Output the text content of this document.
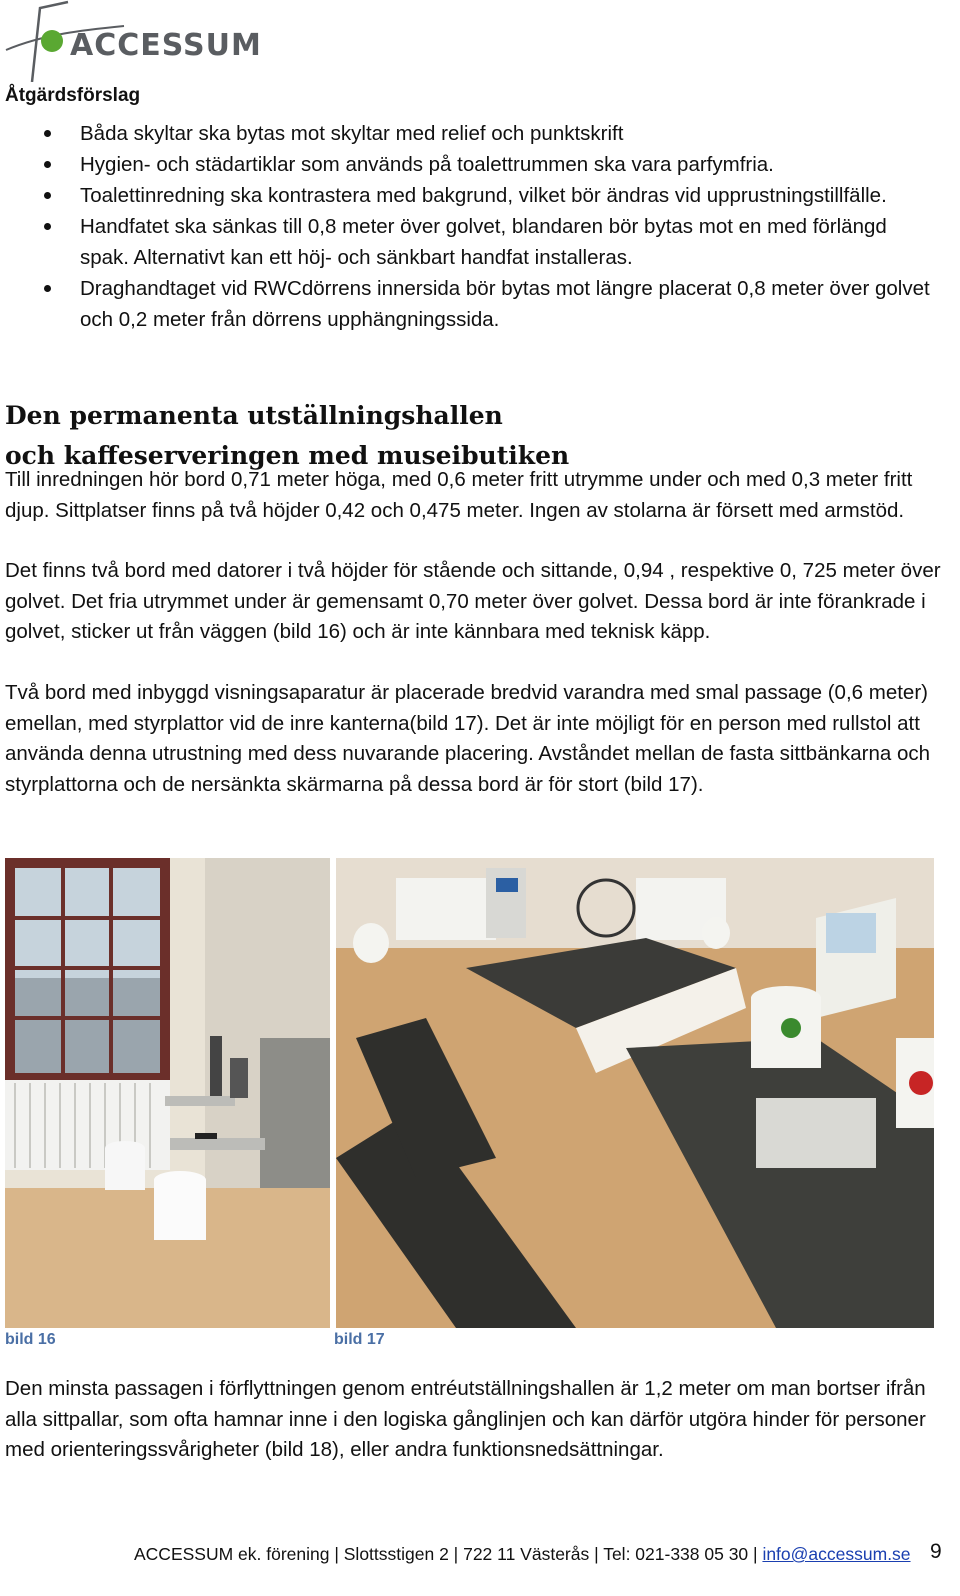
ACCESSUM
Åtgärdsförslag
Båda skyltar ska bytas mot skyltar med relief och punktskrift
Hygien- och städartiklar som används på toalettrummen ska vara parfymfria.
Toalettinredning ska kontrastera med bakgrund, vilket bör ändras vid upprustningstillfälle.
Handfatet ska sänkas till 0,8 meter över golvet, blandaren bör bytas mot en med förlängd spak. Alternativt kan ett höj- och sänkbart handfat installeras.
Draghandtaget vid RWCdörrens innersida bör bytas mot längre placerat 0,8 meter över golvet och 0,2 meter från dörrens upphängningssida.
Den permanenta utställningshallen
och kaffeserveringen med museibutiken

Till inredningen hör bord 0,71 meter höga, med 0,6 meter fritt utrymme under och med 0,3 meter fritt djup. Sittplatser finns på två höjder 0,42 och 0,475 meter. Ingen av stolarna är försett med armstöd.

Det finns två bord med datorer i två höjder för stående och sittande, 0,94 , respektive 0, 725 meter över golvet. Det fria utrymmet under är gemensamt 0,70 meter över golvet. Dessa bord är inte förankrade i golvet, sticker ut från väggen (bild 16) och är inte kännbara med teknisk käpp.

Två bord med inbyggd visningsaparatur är placerade bredvid varandra med smal passage (0,6 meter) emellan, med styrplattor vid de inre kanterna(bild 17). Det är inte möjligt för en person med rullstol att använda denna utrustning med dess nuvarande placering. Avståndet mellan de fasta sittbänkarna och styrplattorna och de nersänkta skärmarna på dessa bord är för stort (bild 17).

bild 16	bild 17

Den minsta passagen i förflyttningen genom entréutställningshallen är 1,2 meter om man bortser ifrån alla sittpallar, som ofta hamnar inne i den logiska gånglinjen och kan därför utgöra hinder för personer med orienteringssvårigheter (bild 18), eller andra funktionsnedsättningar.

ACCESSUM ek. förening | Slottsstigen 2 | 722 11 Västerås | Tel: 021-338 05 30 | info@accessum.se 9
